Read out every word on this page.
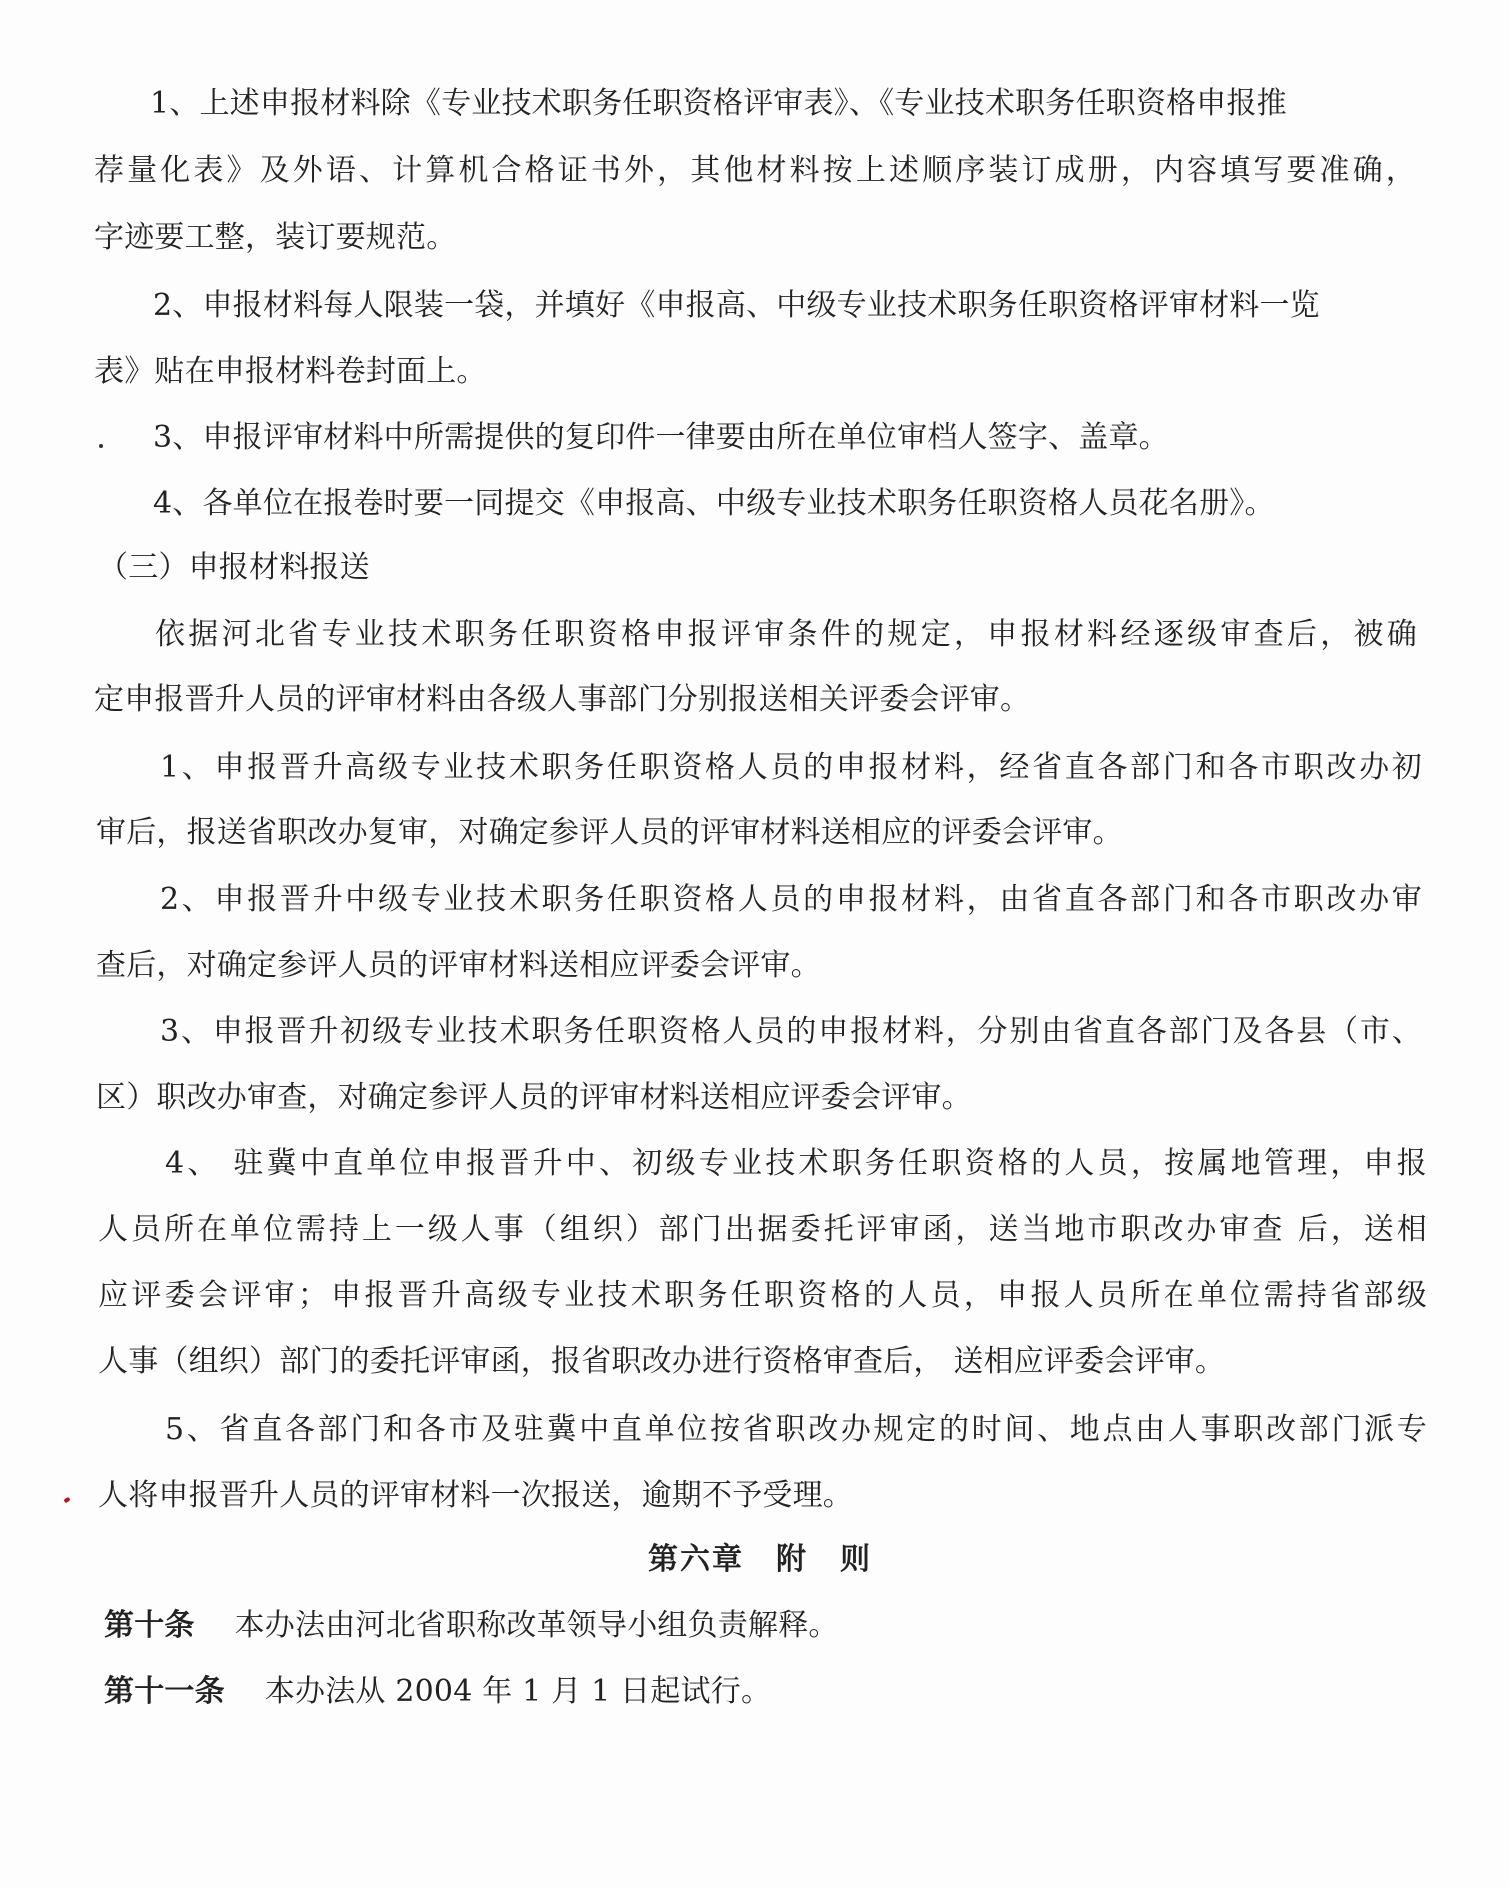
1、上述申报材料除《专业技术职务任职资格评审表》、《专业技术职务任职资格申报推
荐量化表》及外语、计算机合格证书外，其他材料按上述顺序装订成册，内容填写要准确，
字迹要工整，装订要规范。
2、申报材料每人限装一袋，并填好《申报高、中级专业技术职务任职资格评审材料一览
表》贴在申报材料卷封面上。
3、申报评审材料中所需提供的复印件一律要由所在单位审档人签字、盖章。
4、各单位在报卷时要一同提交《申报高、中级专业技术职务任职资格人员花名册》。
（三）申报材料报送
依据河北省专业技术职务任职资格申报评审条件的规定，申报材料经逐级审查后，被确
定申报晋升人员的评审材料由各级人事部门分别报送相关评委会评审。
1、申报晋升高级专业技术职务任职资格人员的申报材料，经省直各部门和各市职改办初
审后，报送省职改办复审，对确定参评人员的评审材料送相应的评委会评审。
2、申报晋升中级专业技术职务任职资格人员的申报材料，由省直各部门和各市职改办审
查后，对确定参评人员的评审材料送相应评委会评审。
3、申报晋升初级专业技术职务任职资格人员的申报材料，分别由省直各部门及各县（市、
区）职改办审查，对确定参评人员的评审材料送相应评委会评审。
4、 驻冀中直单位申报晋升中、初级专业技术职务任职资格的人员，按属地管理，申报
人员所在单位需持上一级人事（组织）部门出据委托评审函，送当地市职改办审查 后，送相
应评委会评审；申报晋升高级专业技术职务任职资格的人员，申报人员所在单位需持省部级
人事（组织）部门的委托评审函，报省职改办进行资格审查后， 送相应评委会评审。
5、省直各部门和各市及驻冀中直单位按省职改办规定的时间、地点由人事职改部门派专
人将申报晋升人员的评审材料一次报送，逾期不予受理。
第六章　附　则
第十条 本办法由河北省职称改革领导小组负责解释。
第十一条 本办法从 2004 年 1 月 1 日起试行。
